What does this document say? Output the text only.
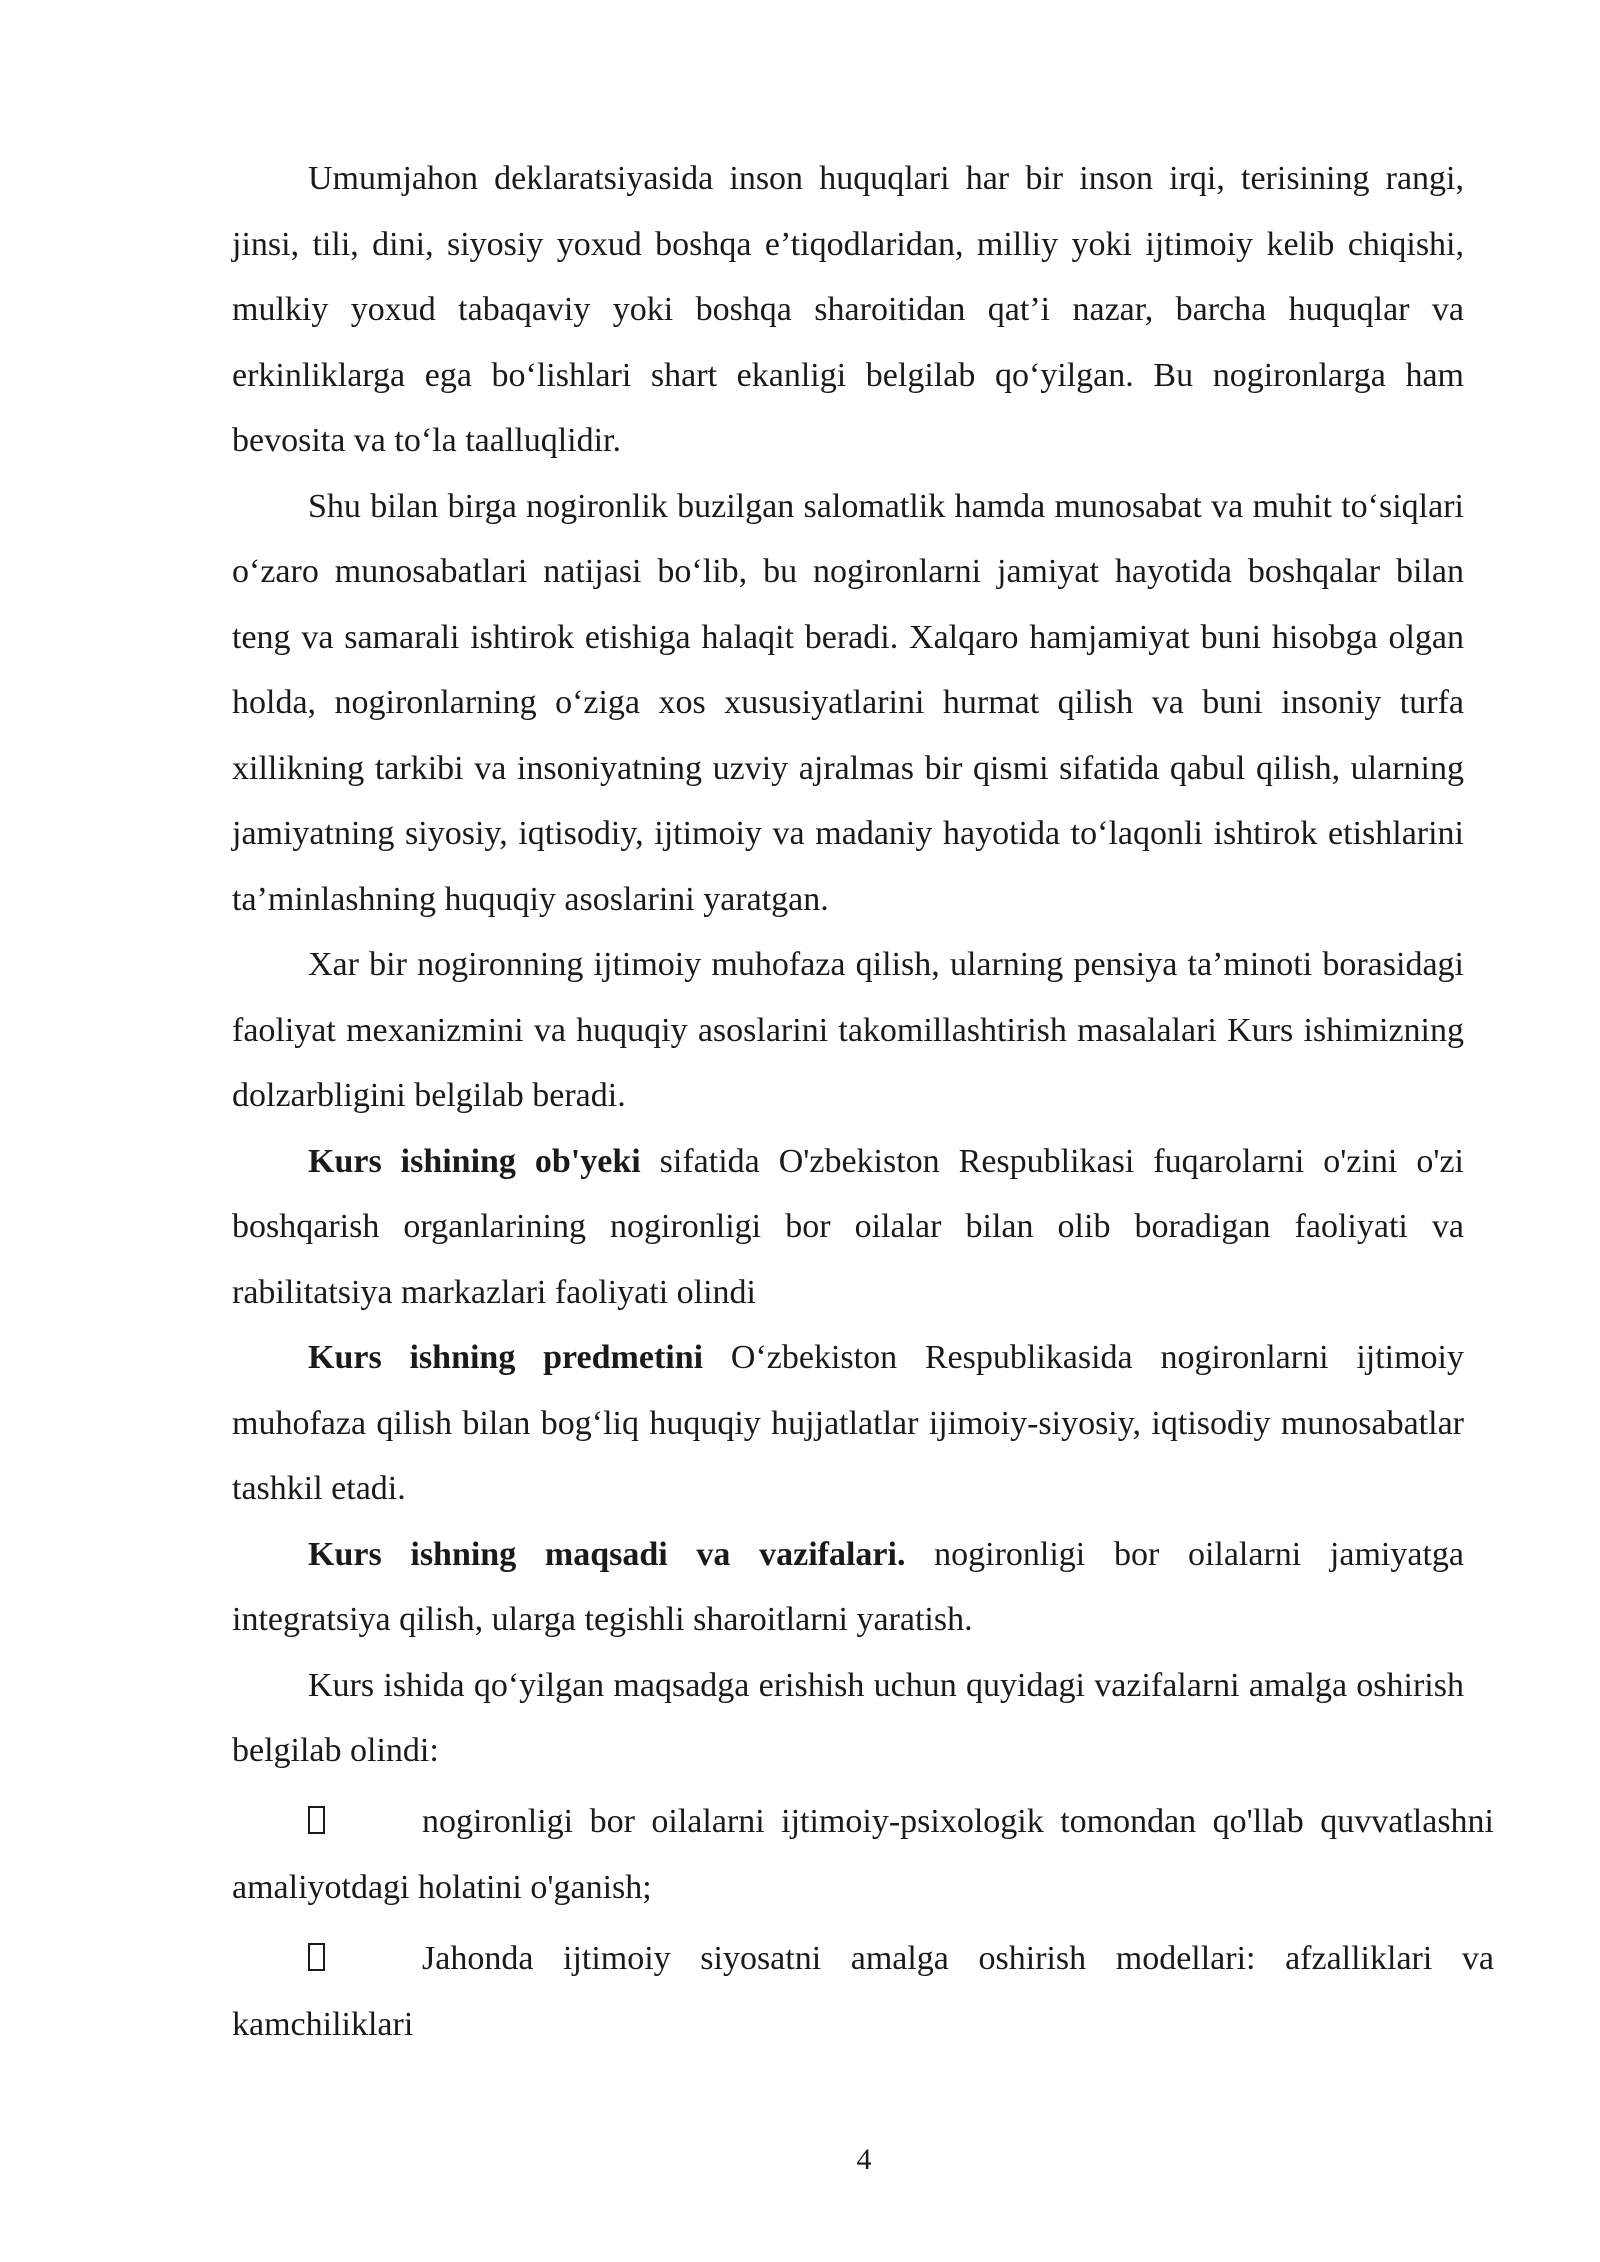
Umumjahon deklaratsiyasida inson huquqlari har bir inson irqi, terisining rangi, jinsi, tili, dini, siyosiy yoxud boshqa e’tiqodlaridan, milliy yoki ijtimoiy kelib chiqishi, mulkiy yoxud tabaqaviy yoki boshqa sharoitidan qat’i nazar, barcha huquqlar va erkinliklarga ega bo‘lishlari shart ekanligi belgilab qo‘yilgan. Bu nogironlarga ham bevosita va to‘la taalluqlidir.

Shu bilan birga nogironlik buzilgan salomatlik hamda munosabat va muhit to‘siqlari o‘zaro munosabatlari natijasi bo‘lib, bu nogironlarni jamiyat hayotida boshqalar bilan teng va samarali ishtirok etishiga halaqit beradi. Xalqaro hamjamiyat buni hisobga olgan holda, nogironlarning o‘ziga xos xususiyatlarini hurmat qilish va buni insoniy turfa xillikning tarkibi va insoniyatning uzviy ajralmas bir qismi sifatida qabul qilish, ularning jamiyatning siyosiy, iqtisodiy, ijtimoiy va madaniy hayotida to‘laqonli ishtirok etishlarini ta’minlashning huquqiy asoslarini yaratgan.

Xar bir nogironning ijtimoiy muhofaza qilish, ularning pensiya ta’minoti borasidagi faoliyat mexanizmini va huquqiy asoslarini takomillashtirish masalalari Kurs ishimizning dolzarbligini belgilab beradi.

Kurs ishining ob'yeki sifatida O'zbekiston Respublikasi fuqarolarni o'zini o'zi boshqarish organlarining nogironligi bor oilalar bilan olib boradigan faoliyati va rabilitatsiya markazlari faoliyati olindi

Kurs ishning predmetini O‘zbekiston Respublikasida nogironlarni ijtimoiy muhofaza qilish bilan bog‘liq huquqiy hujjatlatlar ijimoiy-siyosiy, iqtisodiy munosabatlar tashkil etadi.

Kurs ishning maqsadi va vazifalari. nogironligi bor oilalarni jamiyatga integratsiya qilish, ularga tegishli sharoitlarni yaratish.

Kurs ishida qo‘yilgan maqsadga erishish uchun quyidagi vazifalarni amalga oshirish belgilab olindi:

nogironligi bor oilalarni ijtimoiy-psixologik tomondan qo'llab quvvatlashni amaliyotdagi holatini o'ganish;

Jahonda ijtimoiy siyosatni amalga oshirish modellari: afzalliklari va kamchiliklari

4
